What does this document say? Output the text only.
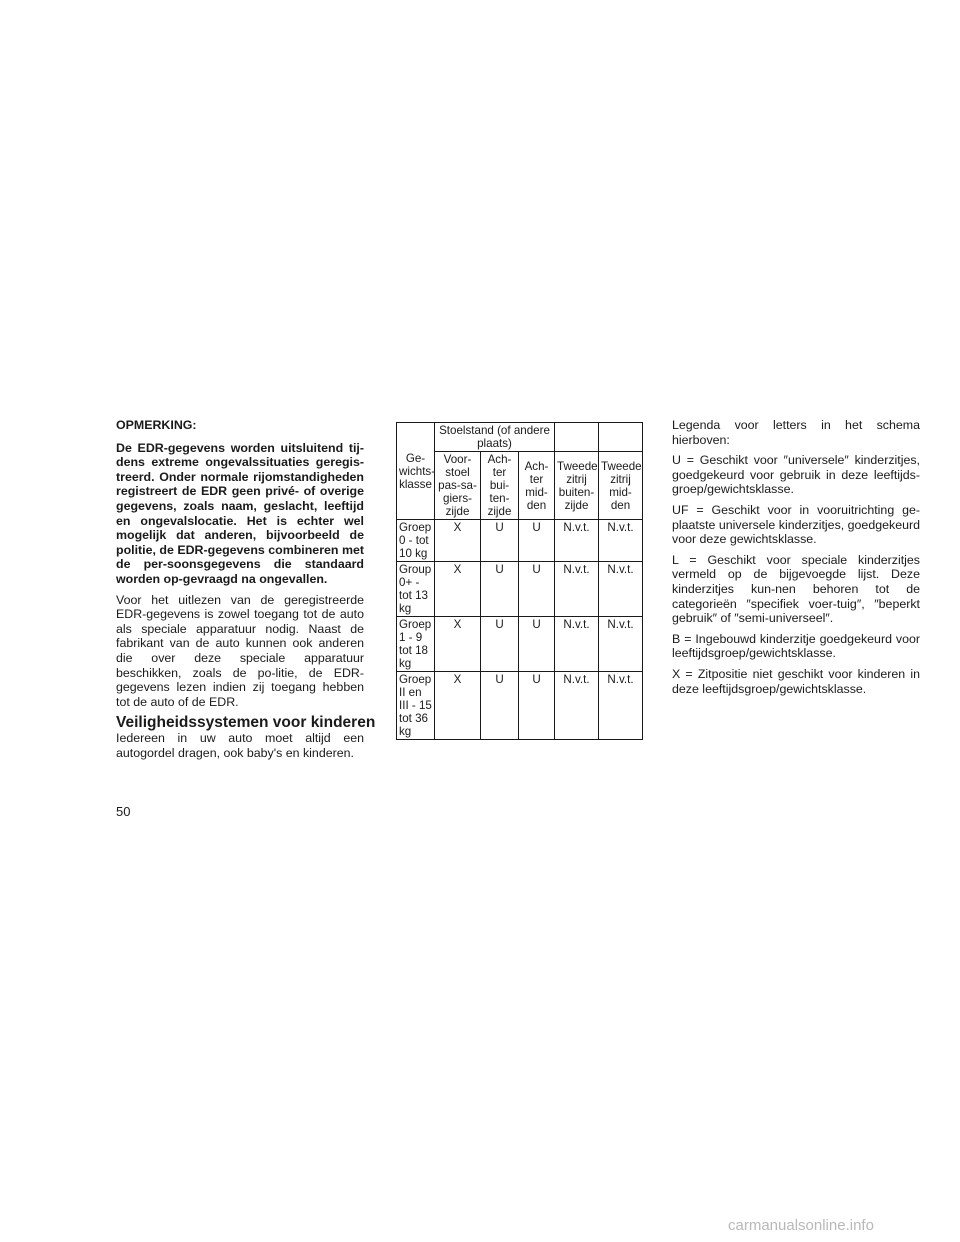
OPMERKING:

De EDR-gegevens worden uitsluitend tij-dens extreme ongevalssituaties geregis-treerd. Onder normale rijomstandigheden registreert de EDR geen privé- of overige gegevens, zoals naam, geslacht, leeftijd en ongevalslocatie. Het is echter wel mogelijk dat anderen, bijvoorbeeld de politie, de EDR-gegevens combineren met de per-soonsgegevens die standaard worden op-gevraagd na ongevallen.

Voor het uitlezen van de geregistreerde EDR-gegevens is zowel toegang tot de auto als speciale apparatuur nodig. Naast de fabrikant van de auto kunnen ook anderen die over deze speciale apparatuur beschikken, zoals de po-litie, de EDR-gegevens lezen indien zij toegang hebben tot de auto of de EDR.

Veiligheidssystemen voor kinderen

Iedereen in uw auto moet altijd een autogordel dragen, ook baby's en kinderen.

Ge-wichts-klasse	Stoelstand (of andere plaats)				
	Voor-stoel pas-sa-giers-zijde	Ach-ter bui-ten-zijde	Ach-ter mid-den	Tweede zitrij buiten-zijde	Tweede zitrij mid-den
Groep 0 - tot 10 kg	X	U	U	N.v.t.	N.v.t.
Group 0+ - tot 13 kg	X	U	U	N.v.t.	N.v.t.
Groep 1 - 9 tot 18 kg	X	U	U	N.v.t.	N.v.t.
Groep II en III - 15 tot 36 kg	X	U	U	N.v.t.	N.v.t.

Legenda voor letters in het schema hierboven:

U = Geschikt voor ″universele″ kinderzitjes, goedgekeurd voor gebruik in deze leeftijds-groep/gewichtsklasse.

UF = Geschikt voor in vooruitrichting ge-plaatste universele kinderzitjes, goedgekeurd voor deze gewichtsklasse.

L = Geschikt voor speciale kinderzitjes vermeld op de bijgevoegde lijst. Deze kinderzitjes kun-nen behoren tot de categorieën ″specifiek voer-tuig″, ″beperkt gebruik″ of ″semi-universeel″.

B = Ingebouwd kinderzitje goedgekeurd voor leeftijdsgroep/gewichtsklasse.

X = Zitpositie niet geschikt voor kinderen in deze leeftijdsgroep/gewichtsklasse.

50
carmanualsonline.info
